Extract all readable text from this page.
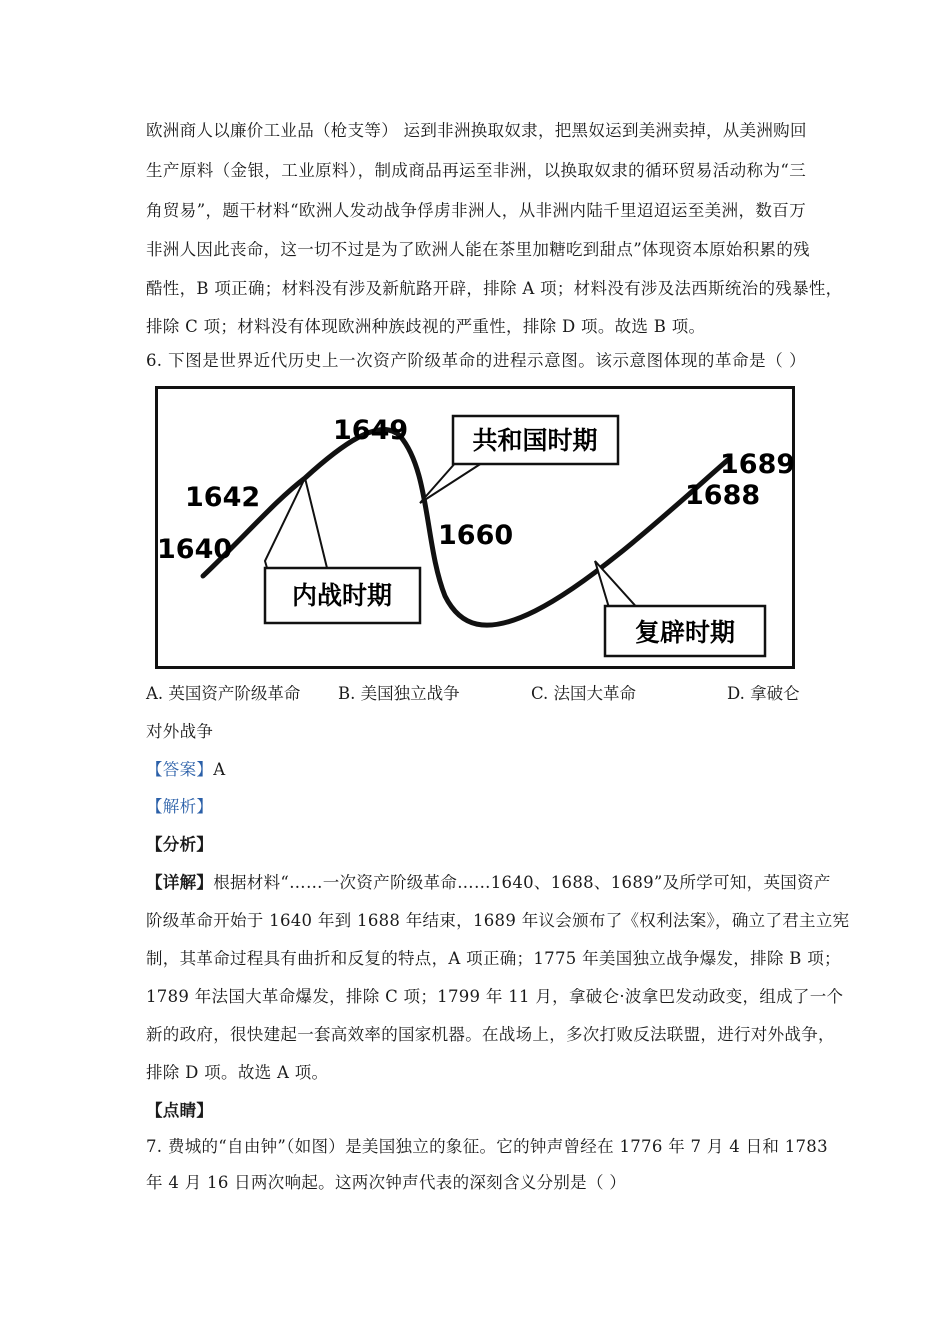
欧洲商人以廉价工业品（枪支等） 运到非洲换取奴隶，把黑奴运到美洲卖掉，从美洲购回
生产原料（金银，工业原料），制成商品再运至非洲，以换取奴隶的循环贸易活动称为“三
角贸易”，题干材料“欧洲人发动战争俘虏非洲人，从非洲内陆千里迢迢运至美洲，数百万
非洲人因此丧命，这一切不过是为了欧洲人能在茶里加糖吃到甜点”体现资本原始积累的残
酷性，B 项正确；材料没有涉及新航路开辟，排除 A 项；材料没有涉及法西斯统治的残暴性，
排除 C 项；材料没有体现欧洲种族歧视的严重性，排除 D 项。故选 B 项。
6. 下图是世界近代历史上一次资产阶级革命的进程示意图。该示意图体现的革命是（ ）
内战时期
共和国时期
复辟时期
1640
1642
1649
1660
1688
1689
A. 英国资产阶级革命 B. 美国独立战争	C. 法国大革命	D. 拿破仑
对外战争
【答案】A
【解析】
【分析】
【详解】根据材料“……一次资产阶级革命……1640、1688、1689”及所学可知，英国资产
阶级革命开始于 1640 年到 1688 年结束，1689 年议会颁布了《权利法案》，确立了君主立宪
制，其革命过程具有曲折和反复的特点，A 项正确；1775 年美国独立战争爆发，排除 B 项；
1789 年法国大革命爆发，排除 C 项；1799 年 11 月，拿破仑·波拿巴发动政变，组成了一个
新的政府，很快建起一套高效率的国家机器。在战场上，多次打败反法联盟，进行对外战争，
排除 D 项。故选 A 项。
【点睛】
7. 费城的“自由钟”（如图）是美国独立的象征。它的钟声曾经在 1776 年 7 月 4 日和 1783
年 4 月 16 日两次响起。这两次钟声代表的深刻含义分别是（ ）
